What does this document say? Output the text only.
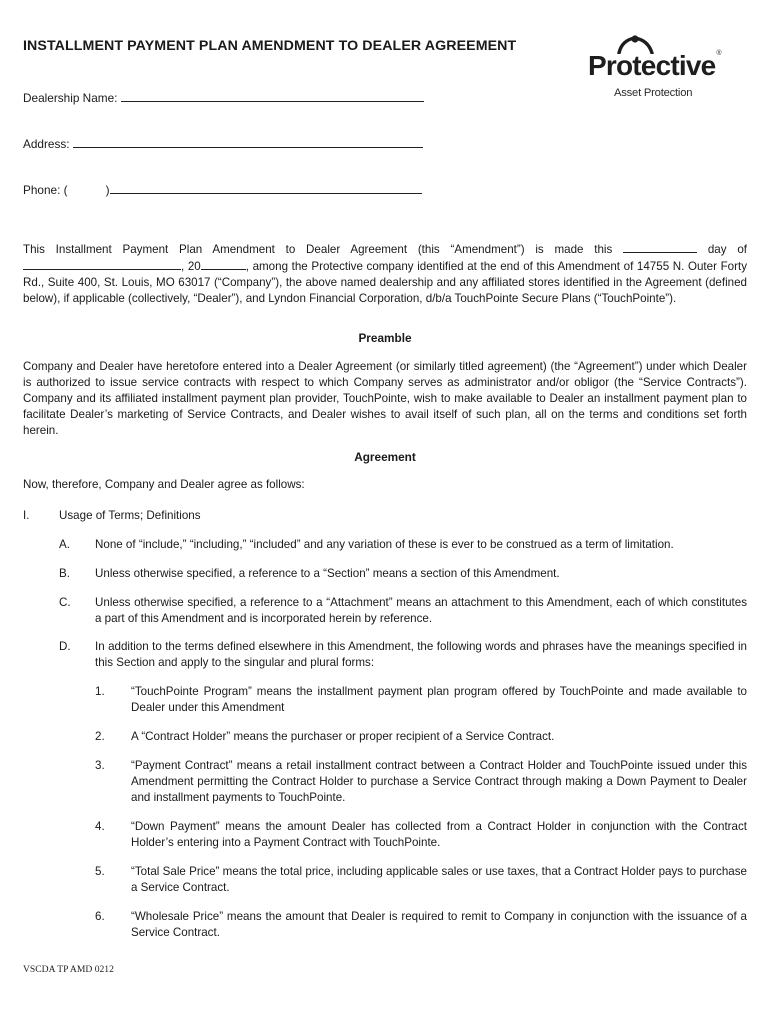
INSTALLMENT PAYMENT PLAN AMENDMENT TO DEALER AGREEMENT
Protective®
Asset Protection
Dealership Name:
Address:
Phone: (	)

This Installment Payment Plan Amendment to Dealer Agreement (this “Amendment”) is made this	day of , 20	, among the Protective company identified at the end of this Amendment of 14755 N. Outer Forty Rd., Suite 400, St. Louis, MO 63017 (“Company”), the above named dealership and any affiliated stores identified in the Agreement (defined below), if applicable (collectively, “Dealer”), and Lyndon Financial Corporation, d/b/a TouchPointe Secure Plans (“TouchPointe”).

Preamble

Company and Dealer have heretofore entered into a Dealer Agreement (or similarly titled agreement) (the “Agreement”) under which Dealer is authorized to issue service contracts with respect to which Company serves as administrator and/or obligor (the “Service Contracts”). Company and its affiliated installment payment plan provider, TouchPointe, wish to make available to Dealer an installment payment plan to facilitate Dealer’s marketing of Service Contracts, and Dealer wishes to avail itself of such plan, all on the terms and conditions set forth herein.

Agreement

Now, therefore, Company and Dealer agree as follows:

I.	Usage of Terms; Definitions
A. None of “include,” “including,” “included” and any variation of these is ever to be construed as a term of limitation.
B. Unless otherwise specified, a reference to a “Section” means a section of this Amendment.
C. Unless otherwise specified, a reference to a “Attachment” means an attachment to this Amendment, each of which constitutes a part of this Amendment and is incorporated herein by reference.
D. In addition to the terms defined elsewhere in this Amendment, the following words and phrases have the meanings specified in this Section and apply to the singular and plural forms:
1. “TouchPointe Program” means the installment payment plan program offered by TouchPointe and made available to Dealer under this Amendment
2. A “Contract Holder” means the purchaser or proper recipient of a Service Contract.
3. “Payment Contract” means a retail installment contract between a Contract Holder and TouchPointe issued under this Amendment permitting the Contract Holder to purchase a Service Contract through making a Down Payment to Dealer and installment payments to TouchPointe.
4. “Down Payment” means the amount Dealer has collected from a Contract Holder in conjunction with the Contract Holder’s entering into a Payment Contract with TouchPointe.
5. “Total Sale Price” means the total price, including applicable sales or use taxes, that a Contract Holder pays to purchase a Service Contract.
6. “Wholesale Price” means the amount that Dealer is required to remit to Company in conjunction with the issuance of a Service Contract.

VSCDA TP AMD 0212
